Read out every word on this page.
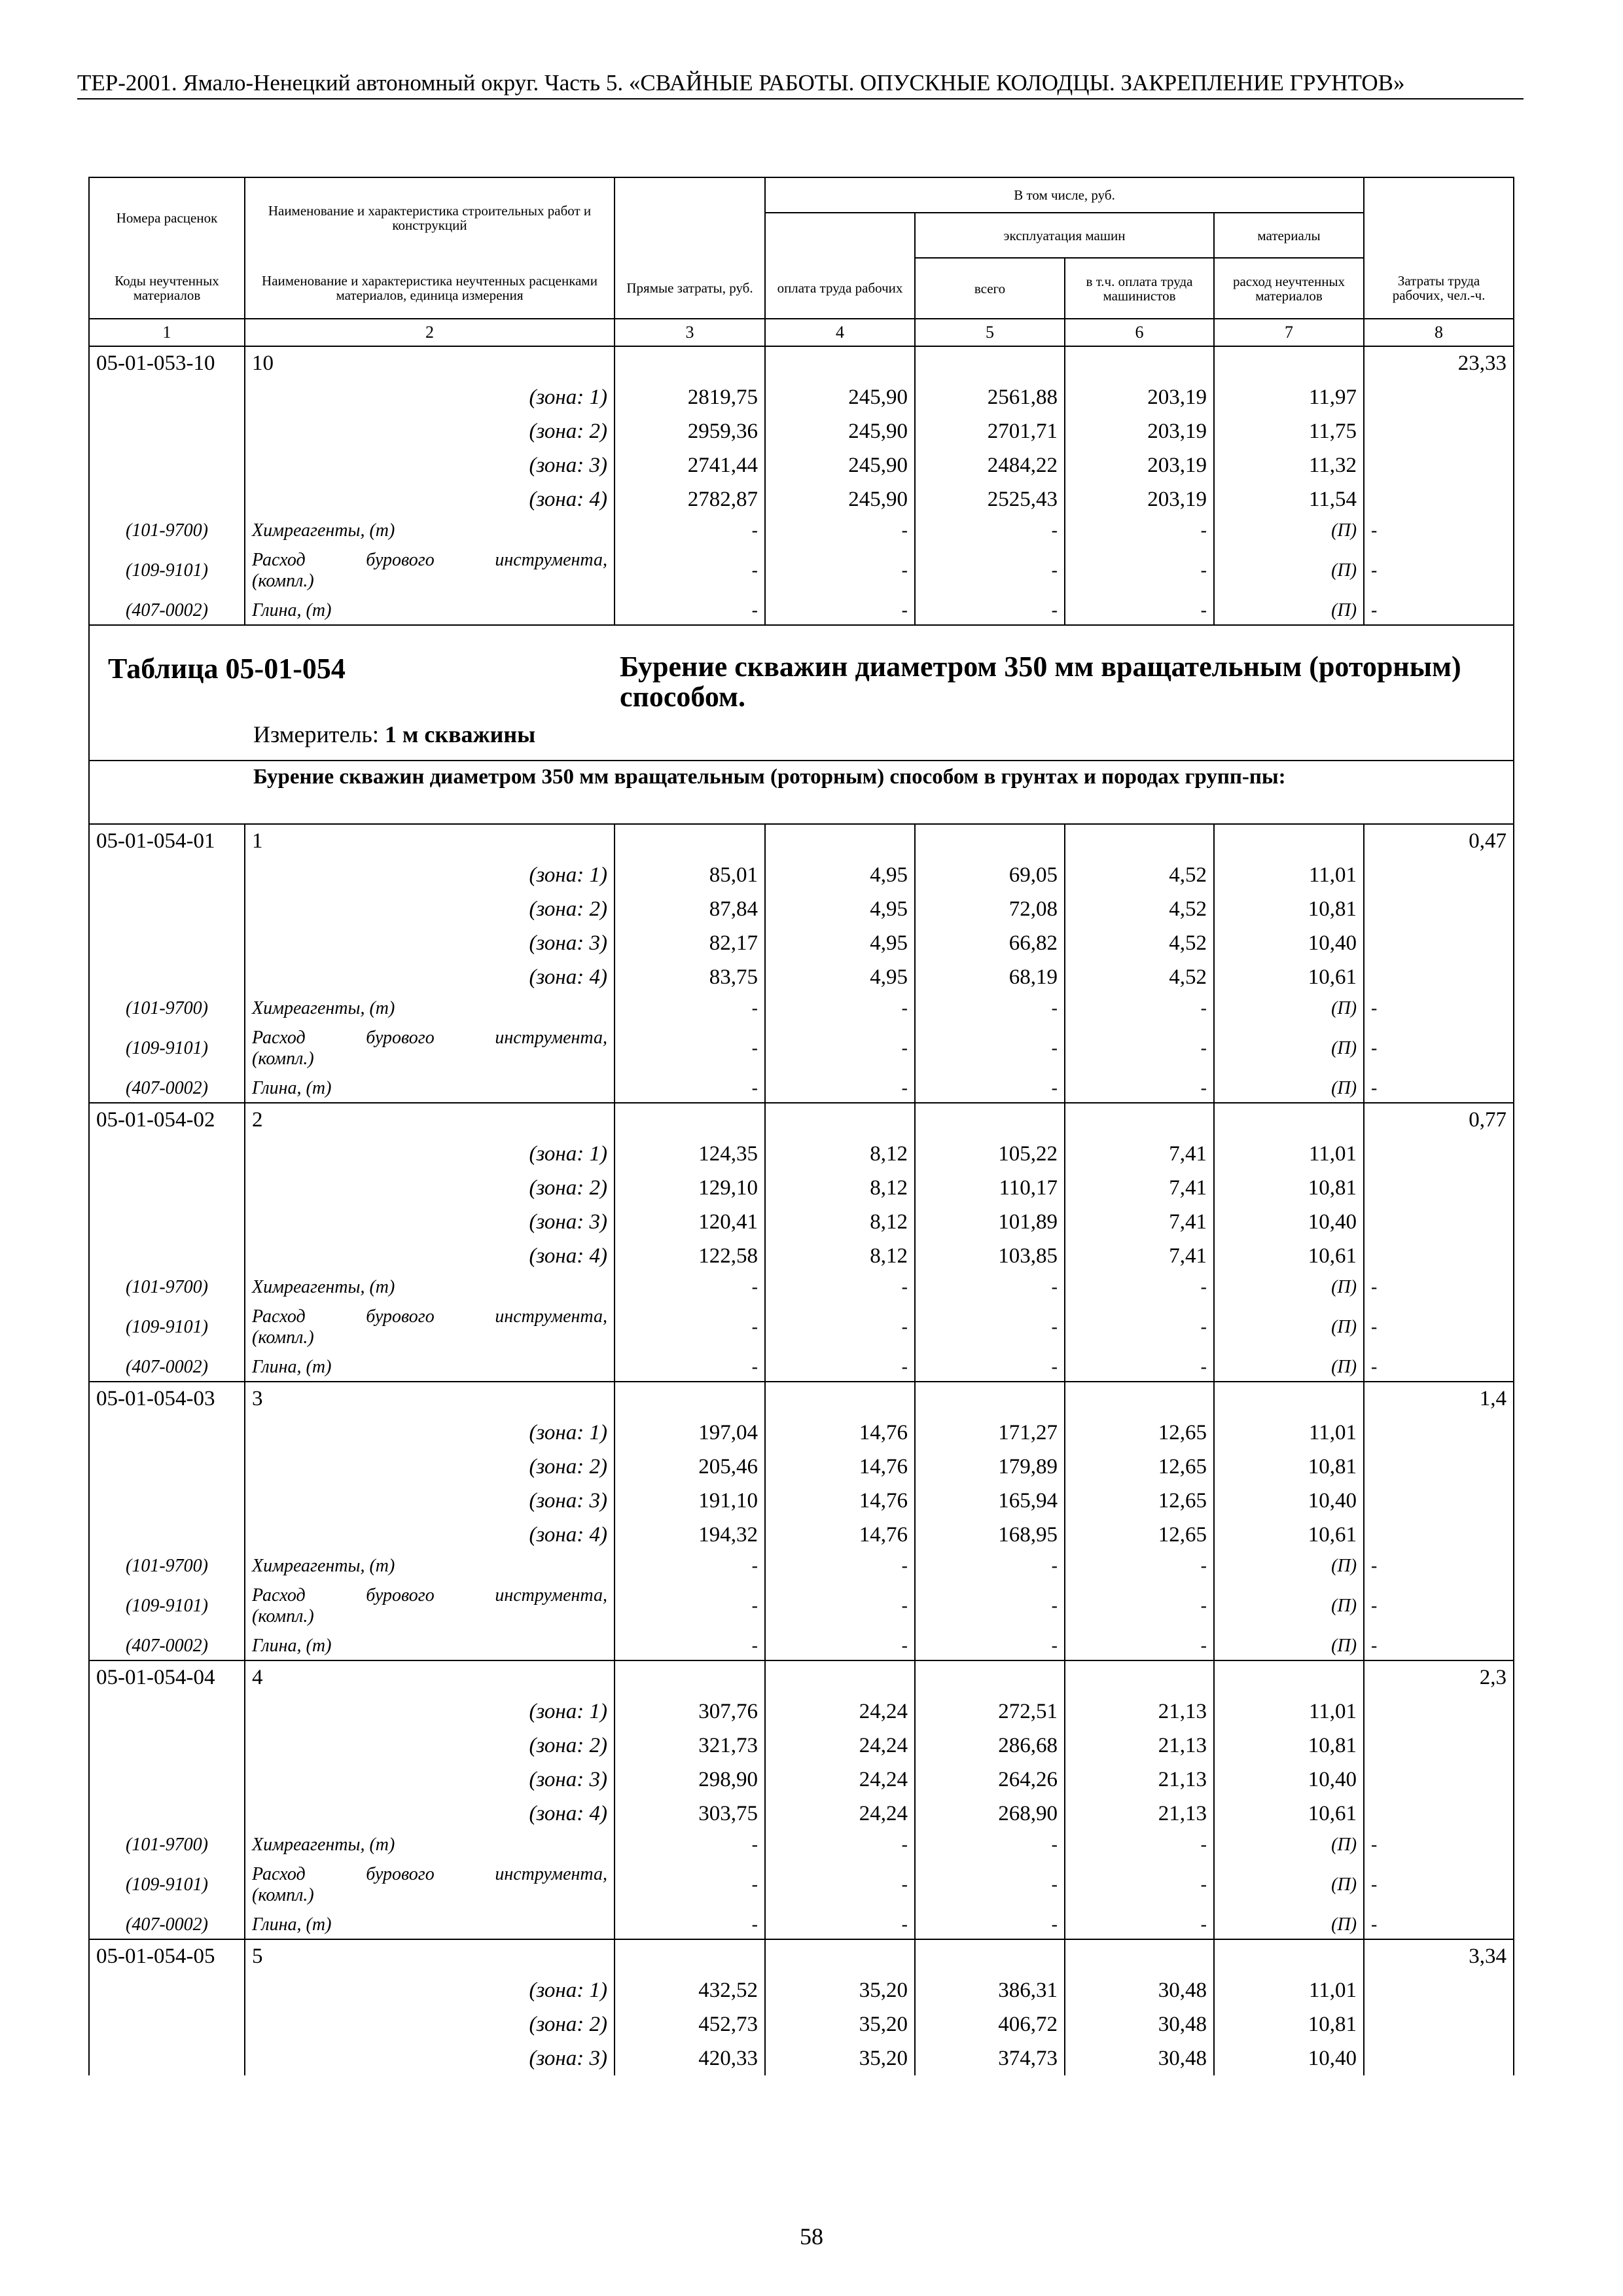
ТЕР-2001. Ямало-Ненецкий автономный округ. Часть 5. «СВАЙНЫЕ РАБОТЫ. ОПУСКНЫЕ КОЛОДЦЫ. ЗАКРЕПЛЕНИЕ ГРУНТОВ»
Номера расценок	Наименование и характеристика строительных работ и конструкций		В том числе, руб.				
				эксплуатация машин		материалы	
Коды неучтенных материалов	Наименование и характеристика неучтенных расценками материалов, единица измерения	Прямые затраты, руб.	оплата труда рабочих	всего	в т.ч. оплата труда машинистов	расход неучтенных материалов	Затраты труда рабочих, чел.-ч.
1	2	3	4	5	6	7	8
05-01-053-10	10						23,33
	(зона: 1)	2819,75	245,90	2561,88	203,19	11,97	
	(зона: 2)	2959,36	245,90	2701,71	203,19	11,75	
	(зона: 3)	2741,44	245,90	2484,22	203,19	11,32	
	(зона: 4)	2782,87	245,90	2525,43	203,19	11,54	
(101-9700)	Химреагенты, (т)	-	-	-	-	(П)	-
(109-9101)	Расход бурового инструмента,
(компл.)	-	-	-	-	(П)	-
(407-0002)	Глина, (т)	-	-	-	-	(П)	-

Таблица 05-01-054 Бурение скважин диаметром 350 мм вращательным (роторным) способом.
Измеритель: 1 м скважины							

Бурение скважин диаметром 350 мм вращательным (роторным) способом в грунтах и породах групп-пы:							

05-01-054-01	1						0,47
	(зона: 1)	85,01	4,95	69,05	4,52	11,01	
	(зона: 2)	87,84	4,95	72,08	4,52	10,81	
	(зона: 3)	82,17	4,95	66,82	4,52	10,40	
	(зона: 4)	83,75	4,95	68,19	4,52	10,61	
(101-9700)	Химреагенты, (т)	-	-	-	-	(П)	-
(109-9101)	Расход бурового инструмента,
(компл.)	-	-	-	-	(П)	-
(407-0002)	Глина, (т)	-	-	-	-	(П)	-
05-01-054-02	2						0,77
	(зона: 1)	124,35	8,12	105,22	7,41	11,01	
	(зона: 2)	129,10	8,12	110,17	7,41	10,81	
	(зона: 3)	120,41	8,12	101,89	7,41	10,40	
	(зона: 4)	122,58	8,12	103,85	7,41	10,61	
(101-9700)	Химреагенты, (т)	-	-	-	-	(П)	-
(109-9101)	Расход бурового инструмента,
(компл.)	-	-	-	-	(П)	-
(407-0002)	Глина, (т)	-	-	-	-	(П)	-
05-01-054-03	3						1,4
	(зона: 1)	197,04	14,76	171,27	12,65	11,01	
	(зона: 2)	205,46	14,76	179,89	12,65	10,81	
	(зона: 3)	191,10	14,76	165,94	12,65	10,40	
	(зона: 4)	194,32	14,76	168,95	12,65	10,61	
(101-9700)	Химреагенты, (т)	-	-	-	-	(П)	-
(109-9101)	Расход бурового инструмента,
(компл.)	-	-	-	-	(П)	-
(407-0002)	Глина, (т)	-	-	-	-	(П)	-
05-01-054-04	4						2,3
	(зона: 1)	307,76	24,24	272,51	21,13	11,01	
	(зона: 2)	321,73	24,24	286,68	21,13	10,81	
	(зона: 3)	298,90	24,24	264,26	21,13	10,40	
	(зона: 4)	303,75	24,24	268,90	21,13	10,61	
(101-9700)	Химреагенты, (т)	-	-	-	-	(П)	-
(109-9101)	Расход бурового инструмента,
(компл.)	-	-	-	-	(П)	-
(407-0002)	Глина, (т)	-	-	-	-	(П)	-
05-01-054-05	5						3,34
	(зона: 1)	432,52	35,20	386,31	30,48	11,01	
	(зона: 2)	452,73	35,20	406,72	30,48	10,81	
	(зона: 3)	420,33	35,20	374,73	30,48	10,40	
58
